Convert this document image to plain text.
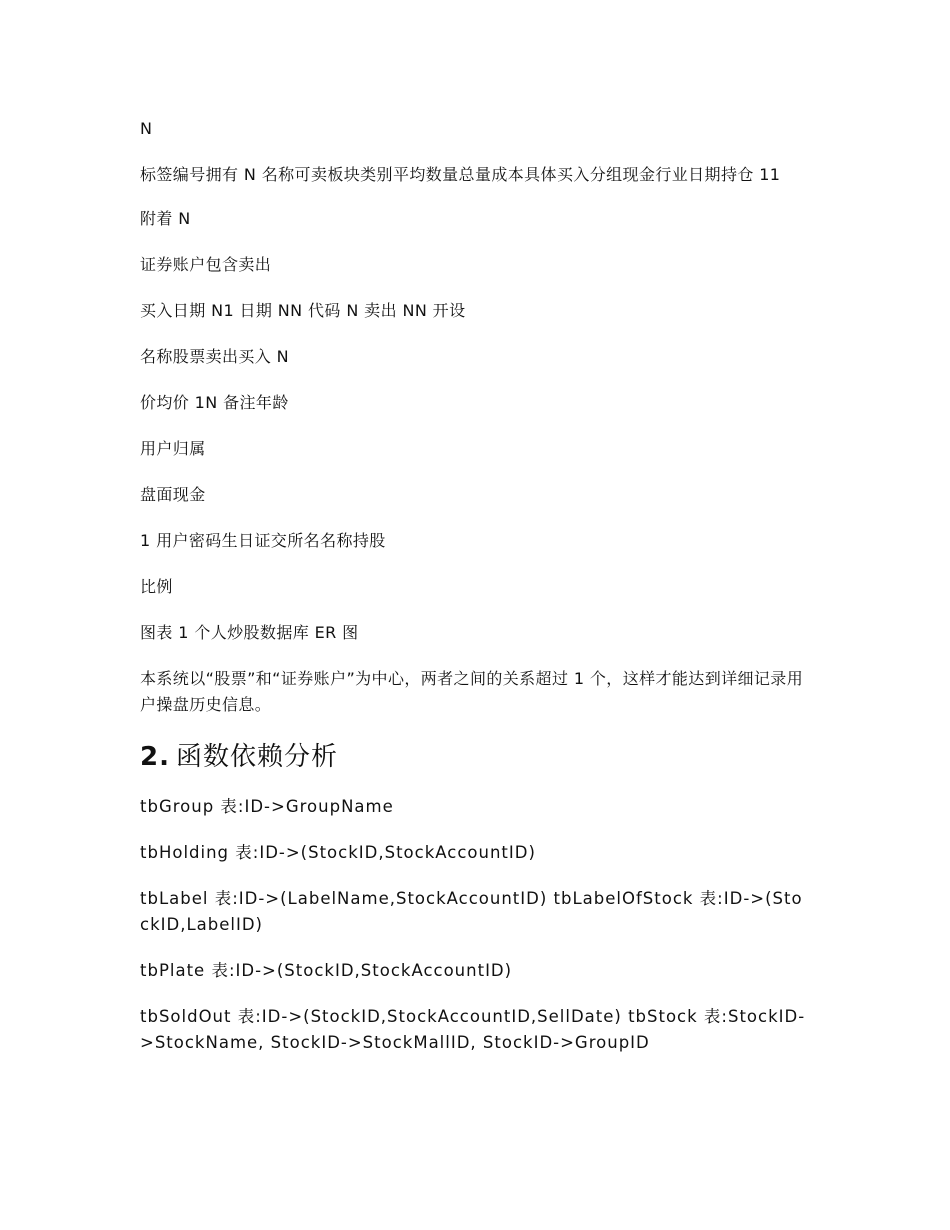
N

标签编号拥有 N 名称可卖板块类别平均数量总量成本具体买入分组现金行业日期持仓 11

附着 N

证券账户包含卖出

买入日期 N1 日期 NN 代码 N 卖出 NN 开设

名称股票卖出买入 N

价均价 1N 备注年龄

用户归属

盘面现金

1 用户密码生日证交所名名称持股

比例

图表 1 个人炒股数据库 ER 图

本系统以“股票”和“证券账户”为中心，两者之间的关系超过 1 个，这样才能达到详细记录用户操盘历史信息。

2. 函数依赖分析

tbGroup 表:ID->GroupName

tbHolding 表:ID->(StockID,StockAccountID)

tbLabel 表:ID->(LabelName,StockAccountID) tbLabelOfStock 表:ID->(StockID,LabelID)

tbPlate 表:ID->(StockID,StockAccountID)

tbSoldOut 表:ID->(StockID,StockAccountID,SellDate) tbStock 表:StockID->StockName, StockID->StockMallID, StockID->GroupID
